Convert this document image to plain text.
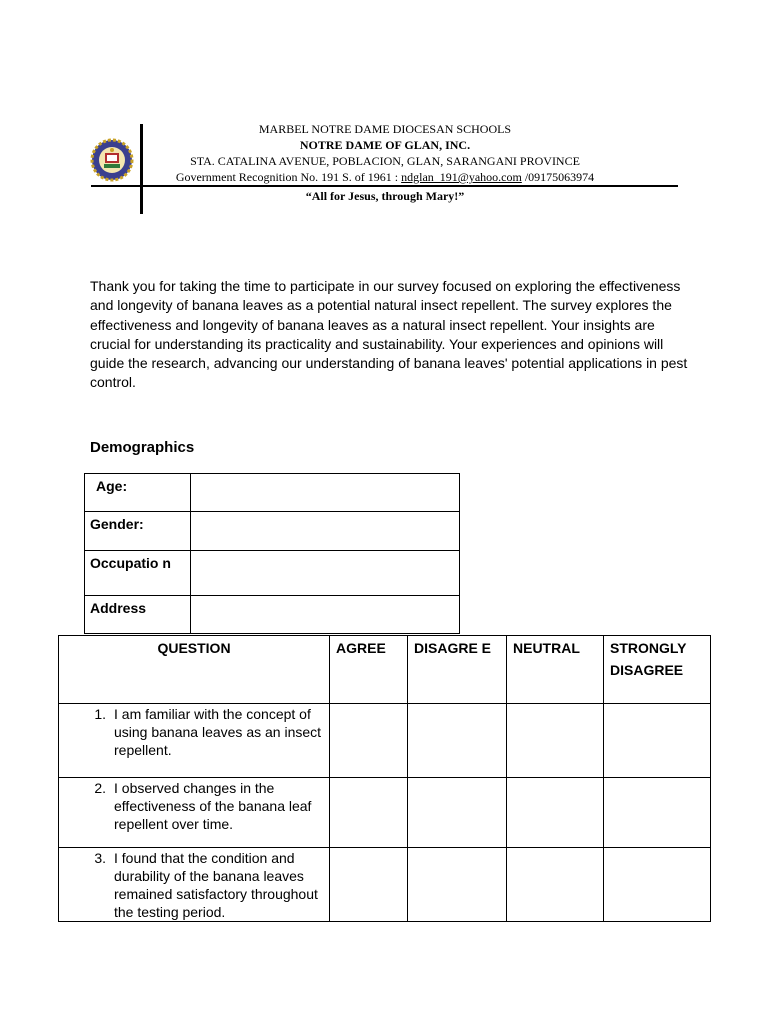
MARBEL NOTRE DAME DIOCESAN SCHOOLS
NOTRE DAME OF GLAN, INC.
STA. CATALINA AVENUE, POBLACION, GLAN, SARANGANI PROVINCE
Government Recognition No. 191 S. of 1961 : ndglan_191@yahoo.com /09175063974
“All for Jesus, through Mary!”
Thank you for taking the time to participate in our survey focused on exploring the effectiveness and longevity of banana leaves as a potential natural insect repellent. The survey explores the effectiveness and longevity of banana leaves as a natural insect repellent. Your insights are crucial for understanding its practicality and sustainability. Your experiences and opinions will guide the research, advancing our understanding of banana leaves' potential applications in pest control.
Demographics
Age:	
Gender:	
Occupatio n	
Address	
QUESTION	AGREE	DISAGRE E	NEUTRAL	STRONGLY DISAGREE

1. I am familiar with the concept of using banana leaves as an insect repellent.				

2. I observed changes in the effectiveness of the banana leaf repellent over time.				

3. I found that the condition and durability of the banana leaves remained satisfactory throughout the testing period.				
